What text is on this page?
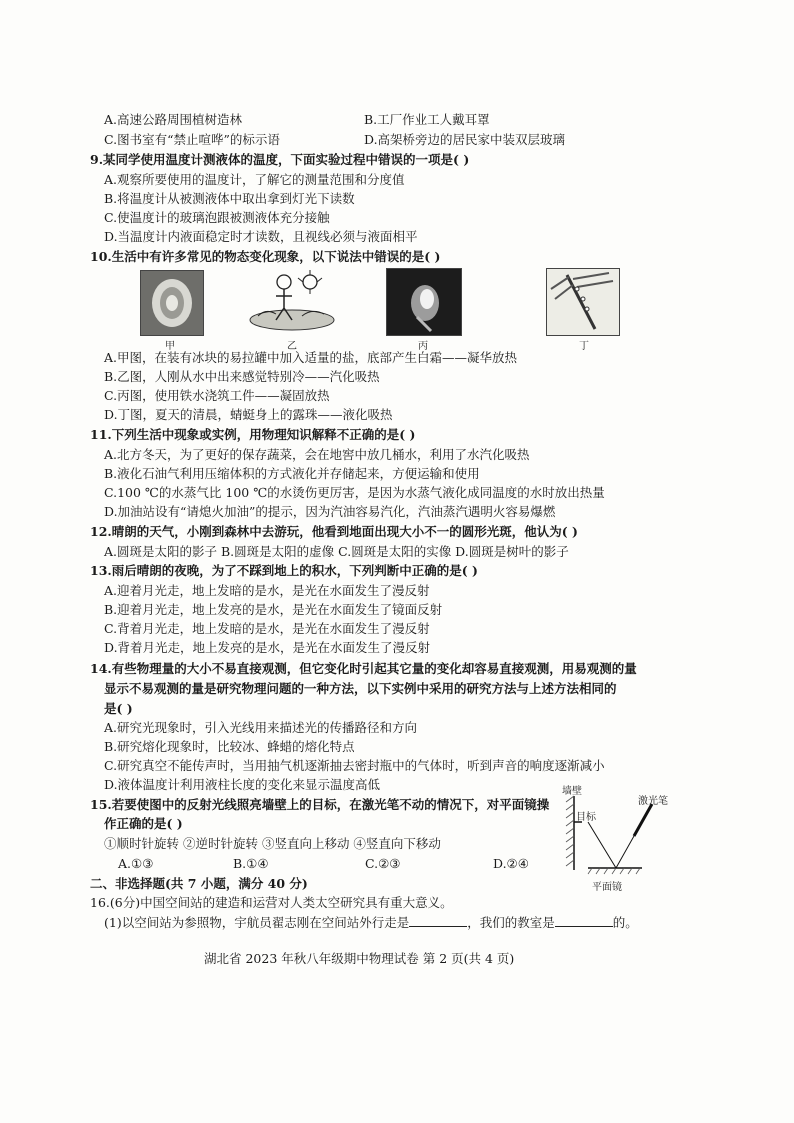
A.高速公路周围植树造林	B.工厂作业工人戴耳罩
C.图书室有“禁止喧哗”的标示语	D.高架桥旁边的居民家中装双层玻璃
9.某同学使用温度计测液体的温度，下面实验过程中错误的一项是( )
A.观察所要使用的温度计，了解它的测量范围和分度值
B.将温度计从被测液体中取出拿到灯光下读数
C.使温度计的玻璃泡跟被测液体充分接触
D.当温度计内液面稳定时才读数，且视线必须与液面相平
10.生活中有许多常见的物态变化现象，以下说法中错误的是( )
甲	乙	丙	丁
A.甲图，在装有冰块的易拉罐中加入适量的盐，底部产生白霜——凝华放热
B.乙图，人刚从水中出来感觉特别冷——汽化吸热
C.丙图，使用铁水浇筑工件——凝固放热
D.丁图，夏天的清晨，蜻蜓身上的露珠——液化吸热
11.下列生活中现象或实例，用物理知识解释不正确的是( )
A.北方冬天，为了更好的保存蔬菜，会在地窖中放几桶水，利用了水汽化吸热
B.液化石油气利用压缩体积的方式液化并存储起来，方便运输和使用
C.100 ℃的水蒸气比 100 ℃的水烫伤更厉害，是因为水蒸气液化成同温度的水时放出热量
D.加油站设有“请熄火加油”的提示，因为汽油容易汽化，汽油蒸汽遇明火容易爆燃
12.晴朗的天气，小刚到森林中去游玩，他看到地面出现大小不一的圆形光斑，他认为( )
A.圆斑是太阳的影子 B.圆斑是太阳的虚像 C.圆斑是太阳的实像 D.圆斑是树叶的影子
13.雨后晴朗的夜晚，为了不踩到地上的积水，下列判断中正确的是( )
A.迎着月光走，地上发暗的是水，是光在水面发生了漫反射
B.迎着月光走，地上发亮的是水，是光在水面发生了镜面反射
C.背着月光走，地上发暗的是水，是光在水面发生了漫反射
D.背着月光走，地上发亮的是水，是光在水面发生了漫反射
14.有些物理量的大小不易直接观测，但它变化时引起其它量的变化却容易直接观测，用易观测的量
显示不易观测的量是研究物理问题的一种方法，以下实例中采用的研究方法与上述方法相同的
是( )
A.研究光现象时，引入光线用来描述光的传播路径和方向
B.研究熔化现象时，比较冰、蜂蜡的熔化特点
C.研究真空不能传声时，当用抽气机逐渐抽去密封瓶中的气体时，听到声音的响度逐渐减小
D.液体温度计利用液柱长度的变化来显示温度高低
15.若要使图中的反射光线照亮墙壁上的目标，在激光笔不动的情况下，对平面镜操
作正确的是( )
①顺时针旋转 ②逆时针旋转 ③竖直向上移动 ④竖直向下移动
A.①③	B.①④	C.②③	D.②④
墙壁
激光笔
目标
平面镜
二、非选择题(共 7 小题，满分 40 分)
16.(6分)中国空间站的建造和运营对人类太空研究具有重大意义。
(1)以空间站为参照物，宇航员翟志刚在空间站外行走是	，我们的教室是	的。
湖北省 2023 年秋八年级期中物理试卷 第 2 页(共 4 页)
